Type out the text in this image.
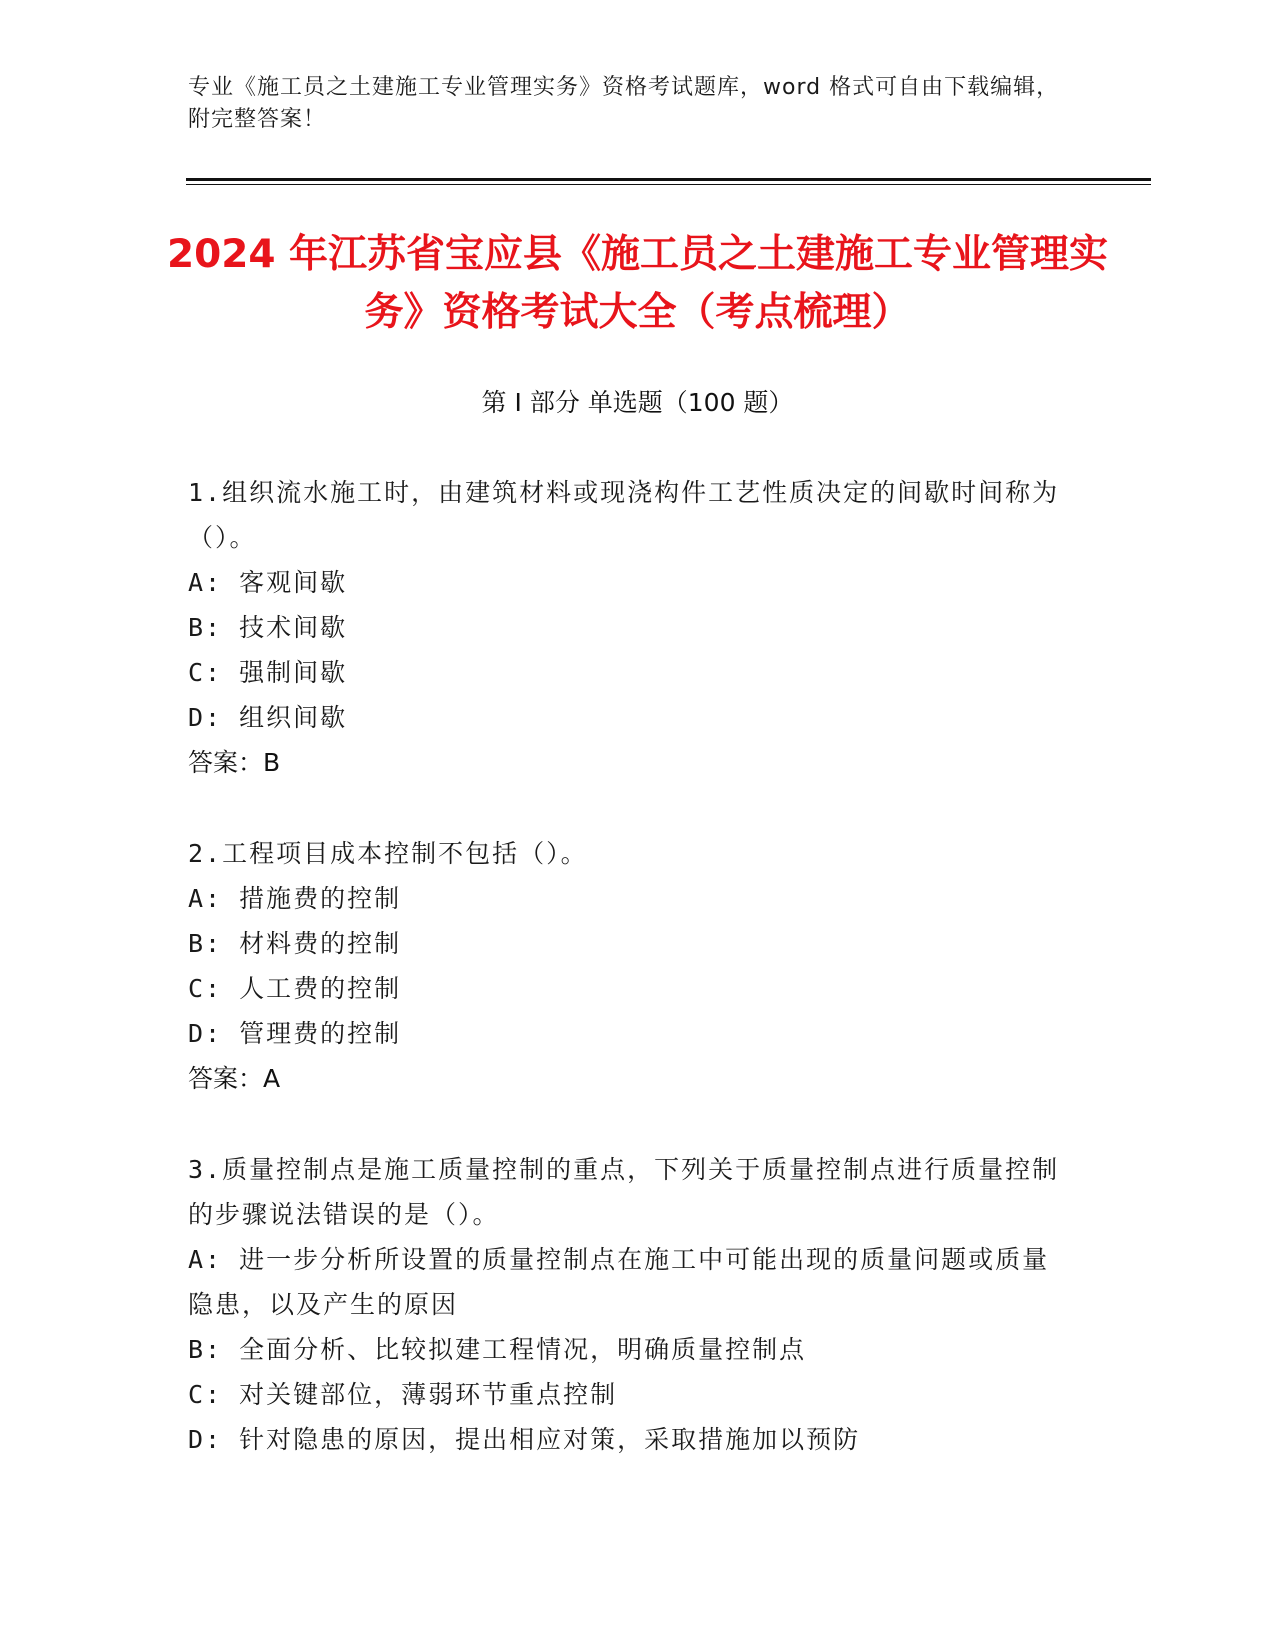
专业《施工员之土建施工专业管理实务》资格考试题库，word 格式可自由下载编辑，附完整答案！
2024 年江苏省宝应县《施工员之土建施工专业管理实务》资格考试大全（考点梳理）
第 I 部分 单选题（100 题）

1.组织流水施工时，由建筑材料或现浇构件工艺性质决定的间歇时间称为（）。

A: 客观间歇

B: 技术间歇

C: 强制间歇

D: 组织间歇

答案：B

2.工程项目成本控制不包括（）。

A: 措施费的控制

B: 材料费的控制

C: 人工费的控制

D: 管理费的控制

答案：A

3.质量控制点是施工质量控制的重点，下列关于质量控制点进行质量控制的步骤说法错误的是（）。

A: 进一步分析所设置的质量控制点在施工中可能出现的质量问题或质量隐患，以及产生的原因

B: 全面分析、比较拟建工程情况，明确质量控制点

C: 对关键部位，薄弱环节重点控制

D: 针对隐患的原因，提出相应对策，采取措施加以预防
